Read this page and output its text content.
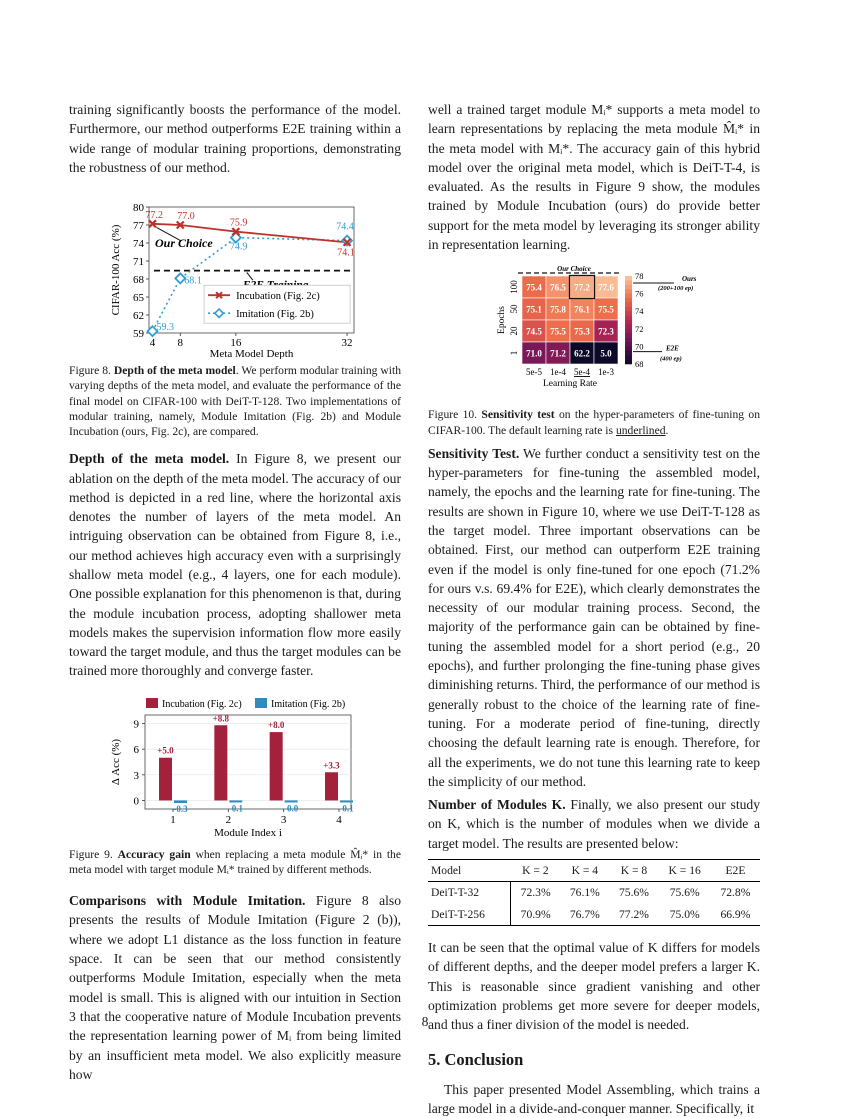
training significantly boosts the performance of the model. Furthermore, our method outperforms E2E training within a wide range of modular training proportions, demonstrating the robustness of our method.

59
62
65
68
71
74
77
80
4 8	16	32
Meta Model Depth
CIFAR-100 Acc (%)
77.2 77.0
75.9
74.1
59.3
68.1
74.9
74.4
Our Choice
Incubation (Fig. 2c)
Imitation (Fig. 2b)
Figure 8. Depth of the meta model. We perform modular training with varying depths of the meta model, and evaluate the performance of the final model on CIFAR-100 with DeiT-T-128. Two implementations of modular training, namely, Module Imitation (Fig. 2b) and Module Incubation (ours, Fig. 2c), are compared.

Depth of the meta model. In Figure 8, we present our ablation on the depth of the meta model. The accuracy of our method is depicted in a red line, where the horizontal axis denotes the number of layers of the meta model. An intriguing observation can be obtained from Figure 8, i.e., our method achieves high accuracy even with a surprisingly shallow meta model (e.g., 4 layers, one for each module). One possible explanation for this phenomenon is that, during the module incubation process, adopting shallower meta models makes the supervision information flow more easily toward the target module, and thus the target modules can be trained more thoroughly and converge faster.

0
3
6
9
1
+5.0
-0.3
2
+8.8
-0.1
3
+8.0
-0.0
4
+3.3
-0.1
Module Index i
Δ Acc (%)
Incubation (Fig. 2c)	Imitation (Fig. 2b)
Figure 9. Accuracy gain when replacing a meta module M̂ᵢ* in the meta model with target module Mᵢ* trained by different methods.

Comparisons with Module Imitation. Figure 8 also presents the results of Module Imitation (Figure 2 (b)), where we adopt L1 distance as the loss function in feature space. It can be seen that our method consistently outperforms Module Imitation, especially when the meta model is small. This is aligned with our intuition in Section 3 that the cooperative nature of Module Incubation prevents the representation learning power of Mᵢ from being limited by an insufficient meta model. We also explicitly measure how

well a trained target module Mᵢ* supports a meta model to learn representations by replacing the meta module M̂ᵢ* in the meta model with Mᵢ*. The accuracy gain of this hybrid model over the original meta model, which is DeiT-T-4, is evaluated. As the results in Figure 9 show, the modules trained by Module Incubation (ours) do provide better support for the meta model by leveraging its stronger ability in representation learning.

75.4 76.5 77.2 77.6
75.1 75.8 76.1 75.5
74.5 75.5 75.3 72.3
71.0 71.2 62.2 5.0
Our Choice
5e-5 1e-4 5e-4 1e-3
Learning Rate
100
50
20
1
Epochs
78
76
74
72
70
68
Ours
(200+100 ep)
E2E
(400 ep)
Figure 10. Sensitivity test on the hyper-parameters of fine-tuning on CIFAR-100. The default learning rate is underlined.

Sensitivity Test. We further conduct a sensitivity test on the hyper-parameters for fine-tuning the assembled model, namely, the epochs and the learning rate for fine-tuning. The results are shown in Figure 10, where we use DeiT-T-128 as the target model. Three important observations can be obtained. First, our method can outperform E2E training even if the model is only fine-tuned for one epoch (71.2% for ours v.s. 69.4% for E2E), which clearly demonstrates the necessity of our modular training process. Second, the majority of the performance gain can be obtained by fine-tuning the assembled model for a short period (e.g., 20 epochs), and further prolonging the fine-tuning phase gives diminishing returns. Third, the performance of our method is generally robust to the choice of the learning rate of fine-tuning. For a moderate period of fine-tuning, directly choosing the default learning rate is enough. Therefore, for all the experiments, we do not tune this learning rate to keep the simplicity of our method.

Number of Modules K. Finally, we also present our study on K, which is the number of modules when we divide a target model. The results are presented below:

Model	K = 2	K = 4	K = 8	K = 16	E2E
DeiT-T-32	72.3%	76.1%	75.6%	75.6%	72.8%
DeiT-T-256	70.9%	76.7%	77.2%	75.0%	66.9%

It can be seen that the optimal value of K differs for models of different depths, and the deeper model prefers a larger K. This is reasonable since gradient vanishing and other optimization problems get more severe for deeper models, and thus a finer division of the model is needed.

5. Conclusion

This paper presented Model Assembling, which trains a large model in a divide-and-conquer manner. Specifically, it

8
